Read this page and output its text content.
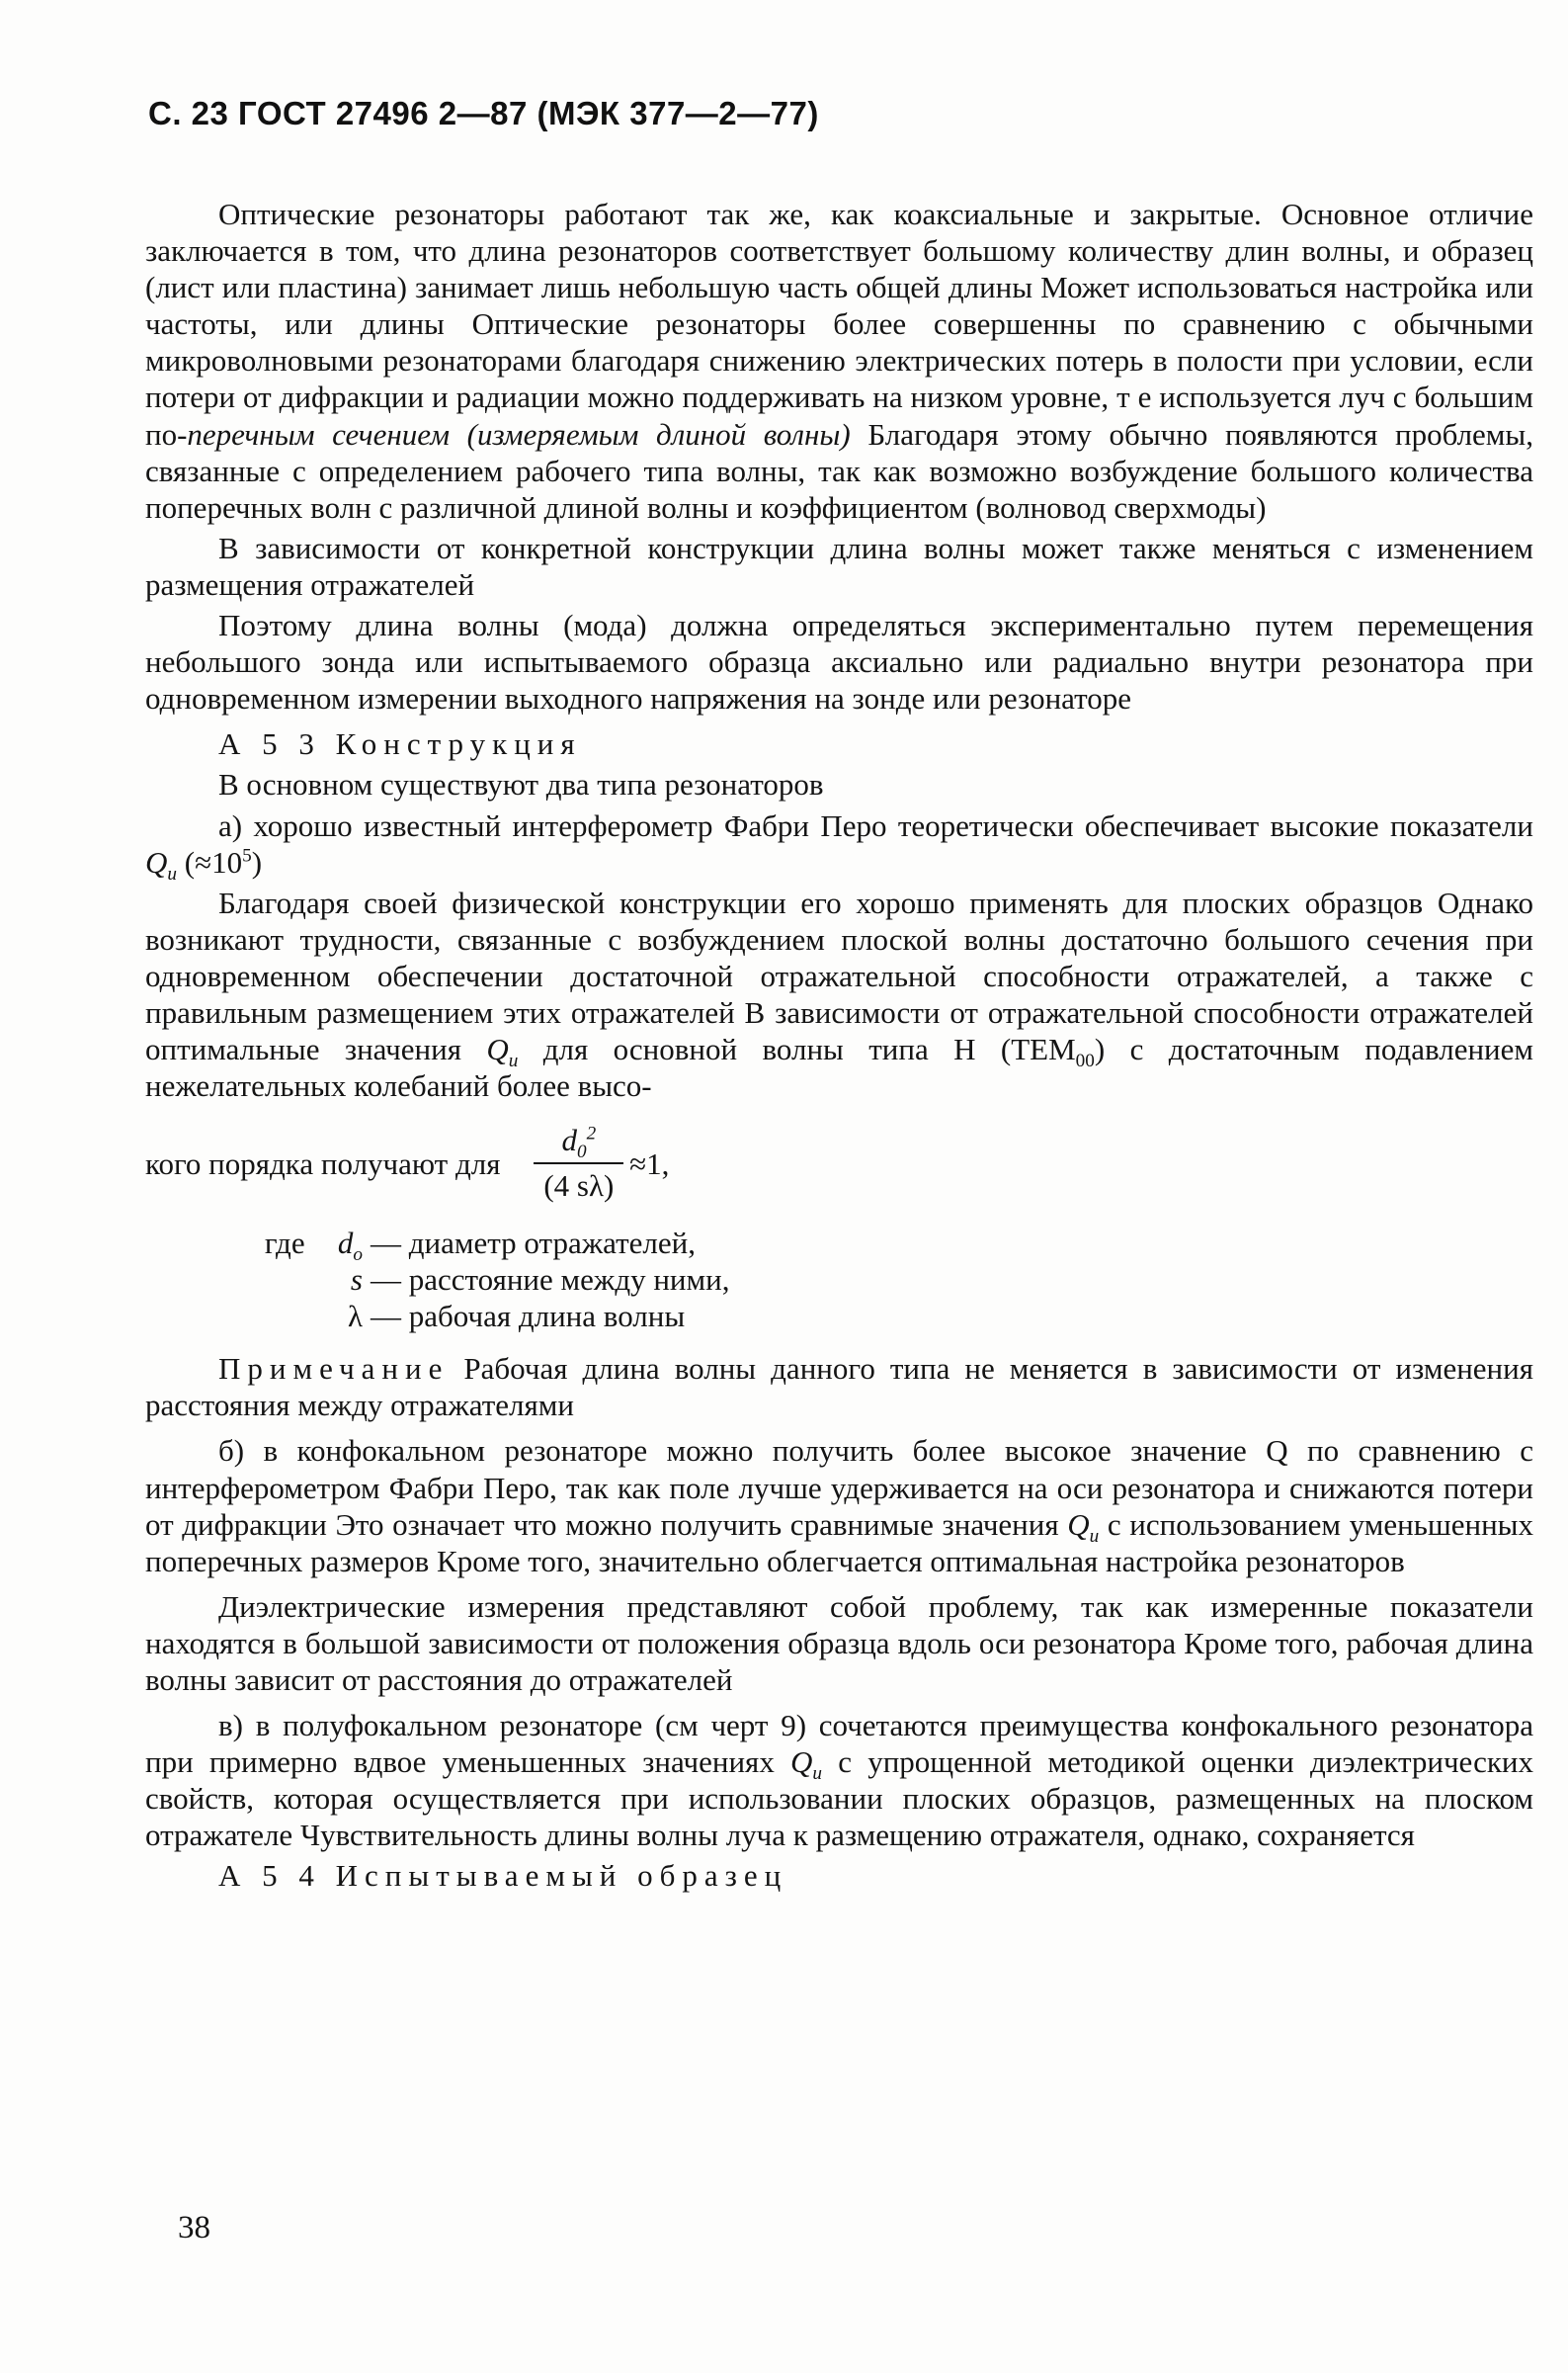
С. 23 ГОСТ 27496 2—87 (МЭК 377—2—77)

Оптические резонаторы работают так же, как коаксиальные и закрытые. Основное отличие заключается в том, что длина резонаторов соответствует большому количеству длин волны, и образец (лист или пластина) занимает лишь небольшую часть общей длины Может использоваться настройка или частоты, или длины Оптические резонаторы более совершенны по сравнению с обычными микроволновыми резонаторами благодаря снижению электрических потерь в полости при условии, если потери от дифракции и радиации можно поддерживать на низком уровне, т е используется луч с большим по-перечным сечением (измеряемым длиной волны) Благодаря этому обычно появляются проблемы, связанные с определением рабочего типа волны, так как возможно возбуждение большого количества поперечных волн с различной длиной волны и коэффициентом (волновод сверхмоды)

В зависимости от конкретной конструкции длина волны может также меняться с изменением размещения отражателей

Поэтому длина волны (мода) должна определяться экспериментально путем перемещения небольшого зонда или испытываемого образца аксиально или радиально внутри резонатора при одновременном измерении выходного напряжения на зонде или резонаторе

А 5 3 Конструкция

В основном существуют два типа резонаторов

а) хорошо известный интерферометр Фабри Перо теоретически обеспечивает высокие показатели $Q_u$ $(\approx 10^5)$

Благодаря своей физической конструкции его хорошо применять для плоских образцов Однако возникают трудности, связанные с возбуждением плоской волны достаточно большого сечения при одновременном обеспечении достаточной отражательной способности отражателей, а также с правильным размещением этих отражателей В зависимости от отражательной способности отражателей оптимальные значения $Q_u$ для основной волны типа Н $(ТЕМ_{00})$ с достаточным подавлением нежелательных колебаний более высо-

кого порядка получают для $\frac{d_0^2}{(4 s\lambda)} \approx 1$,
где $d_o$ — диаметр отражателей,
s — расстояние между ними,
λ — рабочая длина волны

Примечание Рабочая длина волны данного типа не меняется в зависимости от изменения расстояния между отражателями

б) в конфокальном резонаторе можно получить более высокое значение Q по сравнению с интерферометром Фабри Перо, так как поле лучше удерживается на оси резонатора и снижаются потери от дифракции Это означает что можно получить сравнимые значения $Q_u$ с использованием уменьшенных поперечных размеров Кроме того, значительно облегчается оптимальная настройка резонаторов

Диэлектрические измерения представляют собой проблему, так как измеренные показатели находятся в большой зависимости от положения образца вдоль оси резонатора Кроме того, рабочая длина волны зависит от расстояния до отражателей

в) в полуфокальном резонаторе (см черт 9) сочетаются преимущества конфокального резонатора при примерно вдвое уменьшенных значениях $Q_u$ с упрощенной методикой оценки диэлектрических свойств, которая осуществляется при использовании плоских образцов, размещенных на плоском отражателе Чувствительность длины волны луча к размещению отражателя, однако, сохраняется

А 5 4 Испытываемый образец

38
